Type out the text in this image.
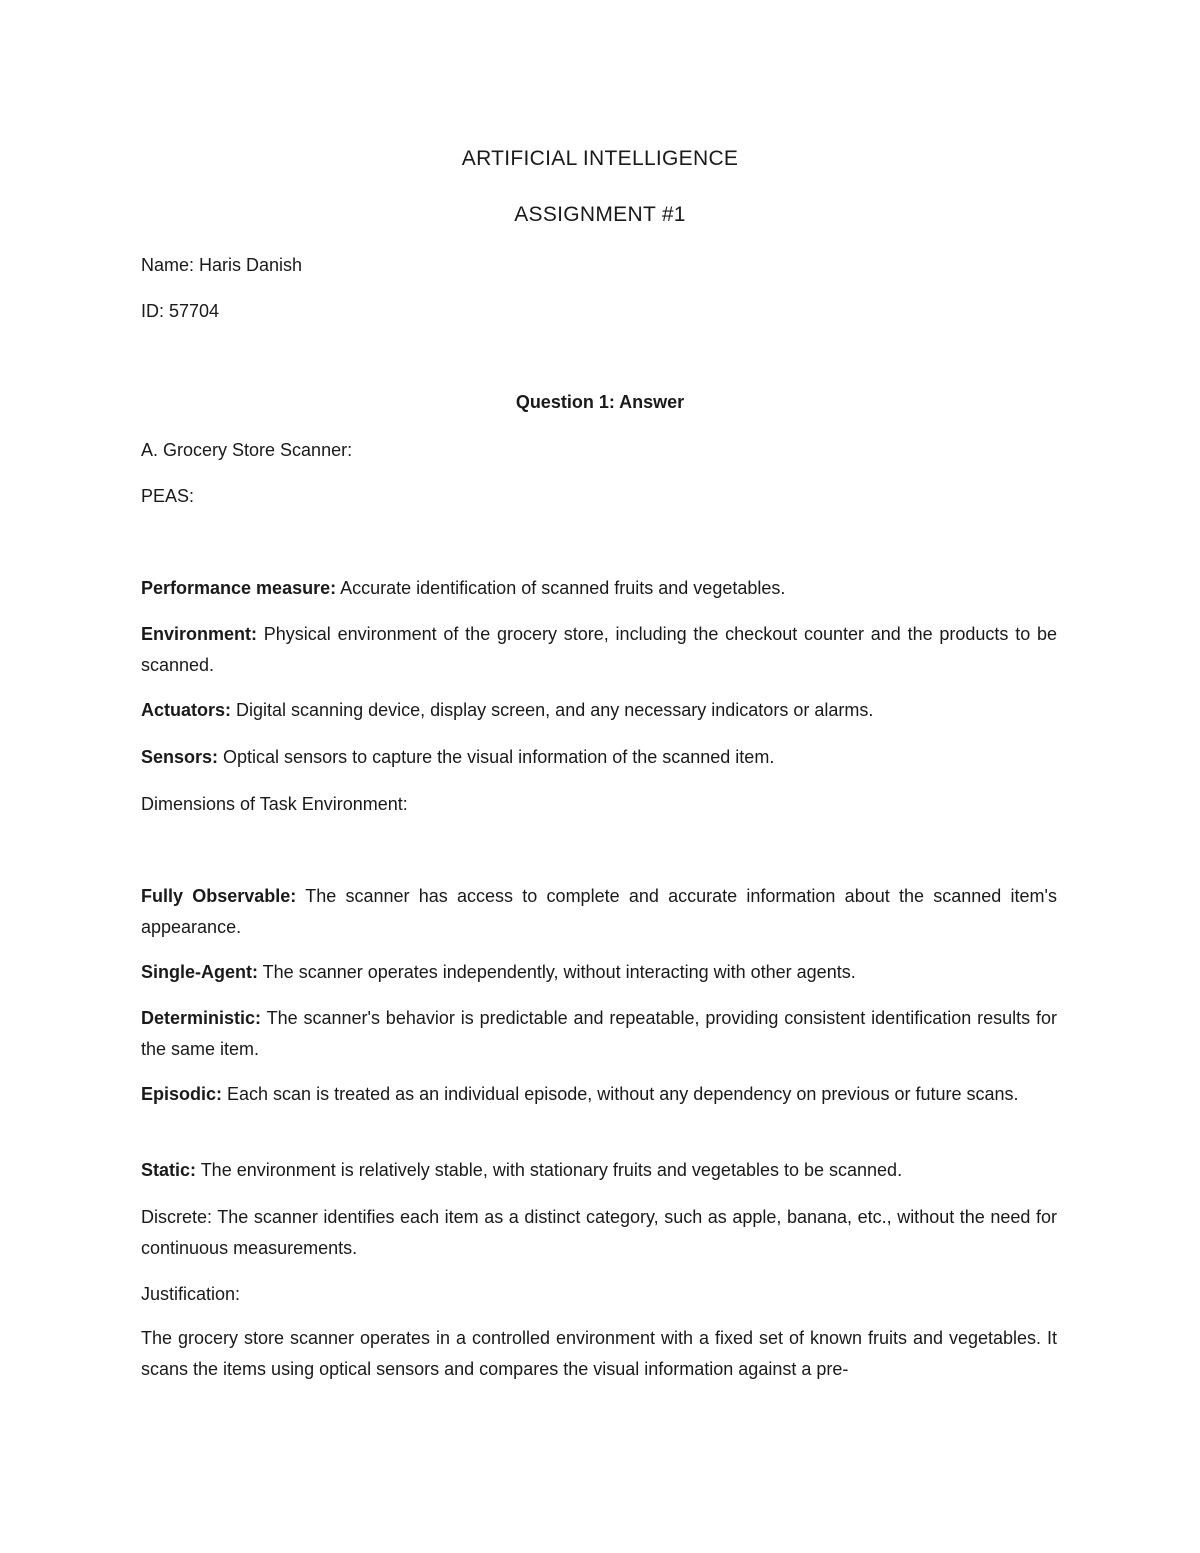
ARTIFICIAL INTELLIGENCE
ASSIGNMENT #1
Name: Haris Danish
ID: 57704
Question 1: Answer
A. Grocery Store Scanner:
PEAS:
Performance measure: Accurate identification of scanned fruits and vegetables.
Environment: Physical environment of the grocery store, including the checkout counter and the products to be scanned.
Actuators: Digital scanning device, display screen, and any necessary indicators or alarms.
Sensors: Optical sensors to capture the visual information of the scanned item.
Dimensions of Task Environment:
Fully Observable: The scanner has access to complete and accurate information about the scanned item's appearance.
Single-Agent: The scanner operates independently, without interacting with other agents.
Deterministic: The scanner's behavior is predictable and repeatable, providing consistent identification results for the same item.
Episodic: Each scan is treated as an individual episode, without any dependency on previous or future scans.
Static: The environment is relatively stable, with stationary fruits and vegetables to be scanned.
Discrete: The scanner identifies each item as a distinct category, such as apple, banana, etc., without the need for continuous measurements.
Justification:
The grocery store scanner operates in a controlled environment with a fixed set of known fruits and vegetables. It scans the items using optical sensors and compares the visual information against a pre-
